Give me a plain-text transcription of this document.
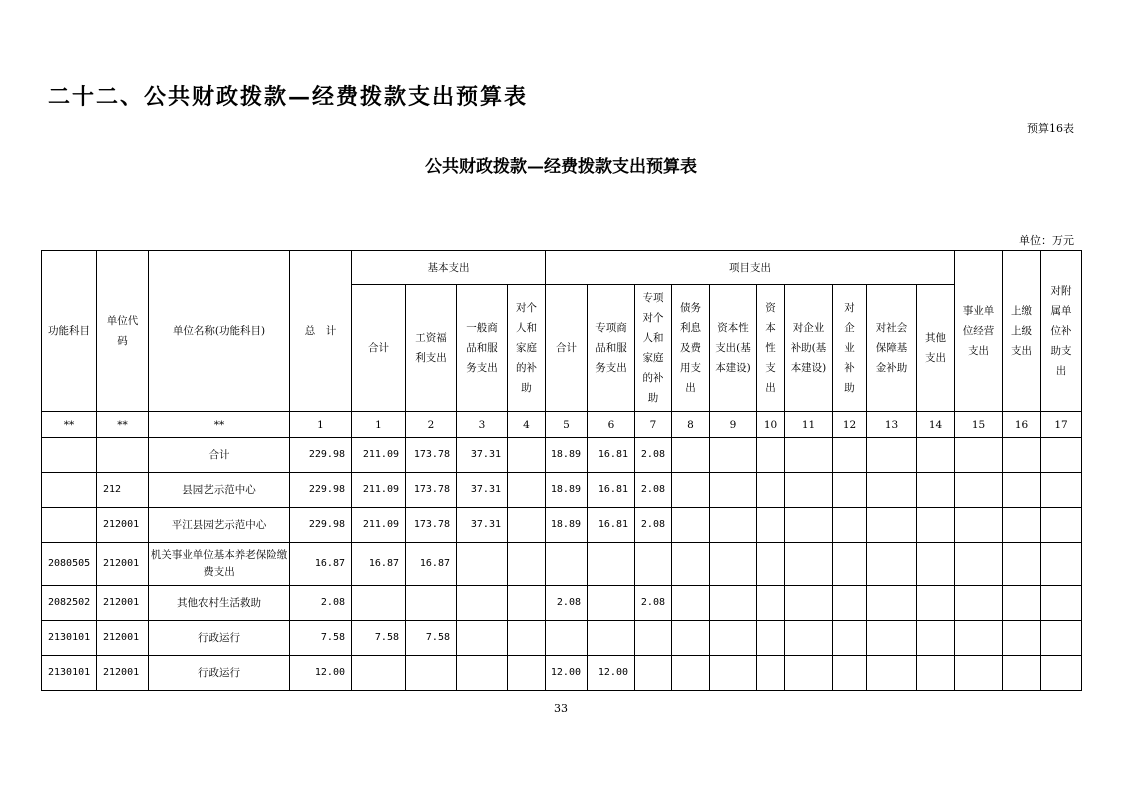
二十二、公共财政拨款—经费拨款支出预算表
预算16表
公共财政拨款—经费拨款支出预算表
单位：万元
功能科目	单位代码	单位名称(功能科目)	总　计	基本支出				项目支出										事业单位经营支出	上缴上级支出	对附属单位补助支出
				合计	工资福利支出	一般商品和服务支出	对个人和家庭的补助	合计	专项商品和服务支出	专项对个人和家庭的补助	债务利息及费用支出	资本性支出(基本建设)	资本性支出	对企业补助(基本建设)	对企业补助	对社会保障基金补助	其他支出			
**	**	**	1	1	2	3	4	5	6	7	8	9	10	11	12	13	14	15	16	17
		合计	229.98	211.09	173.78	37.31		18.89	16.81	2.08										
	212	县园艺示范中心	229.98	211.09	173.78	37.31		18.89	16.81	2.08										
	212001	平江县园艺示范中心	229.98	211.09	173.78	37.31		18.89	16.81	2.08										
2080505	212001	机关事业单位基本养老保险缴费支出	16.87	16.87	16.87															
2082502	212001	其他农村生活救助	2.08					2.08		2.08										
2130101	212001	行政运行	7.58	7.58	7.58															
2130101	212001	行政运行	12.00					12.00	12.00											
33
